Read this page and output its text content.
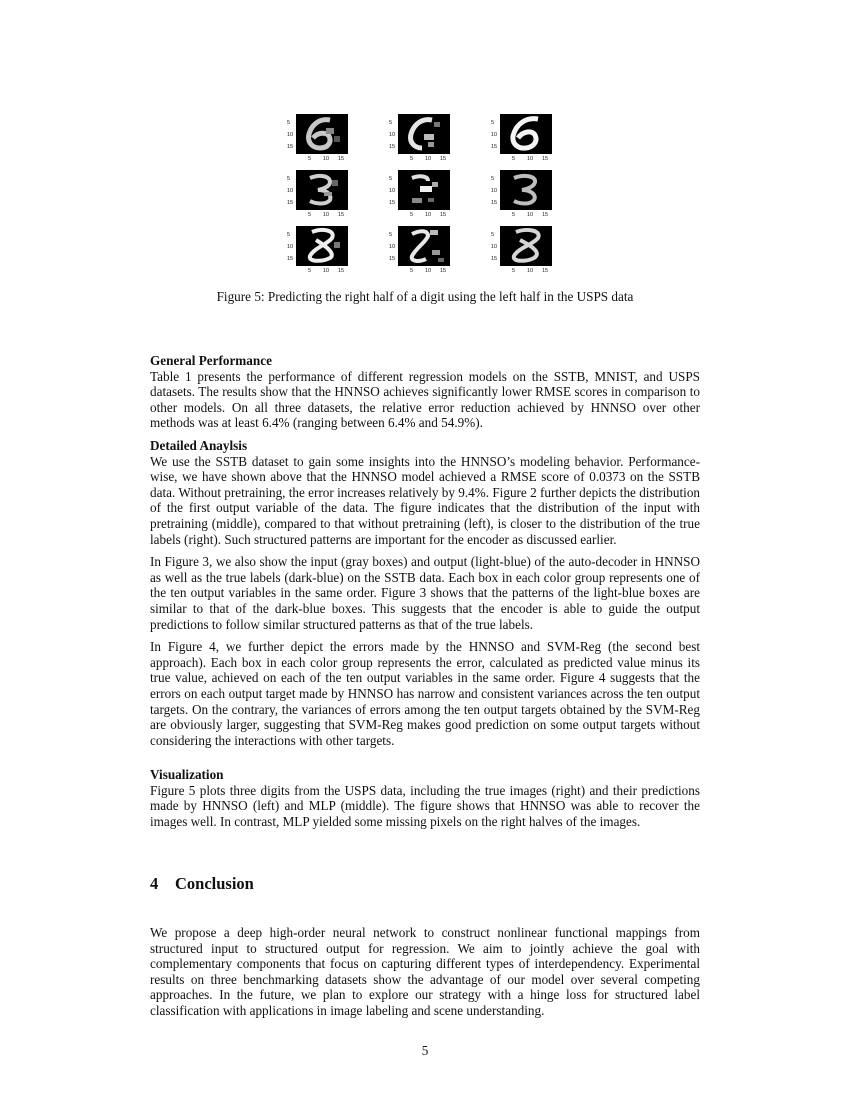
5
10
15
5 10 15
5
10
15
5 10 15
5
10
15
5 10 15
5
10
15
5 10 15
5
10
15
5 10 15
5
10
15
5 10 15
5
10
15
5 10 15
5
10
15
5 10 15
5
10
15
5 10 15
Figure 5: Predicting the right half of a digit using the left half in the USPS data
General Performance

Table 1 presents the performance of different regression models on the SSTB, MNIST, and USPS datasets. The results show that the HNNSO achieves significantly lower RMSE scores in comparison to other models. On all three datasets, the relative error reduction achieved by HNNSO over other methods was at least 6.4% (ranging between 6.4% and 54.9%).

Detailed Anaylsis

We use the SSTB dataset to gain some insights into the HNNSO’s modeling behavior. Performance-wise, we have shown above that the HNNSO model achieved a RMSE score of 0.0373 on the SSTB data. Without pretraining, the error increases relatively by 9.4%. Figure 2 further depicts the distribution of the first output variable of the data. The figure indicates that the distribution of the input with pretraining (middle), compared to that without pretraining (left), is closer to the distribution of the true labels (right). Such structured patterns are important for the encoder as discussed earlier.

In Figure 3, we also show the input (gray boxes) and output (light-blue) of the auto-decoder in HNNSO as well as the true labels (dark-blue) on the SSTB data. Each box in each color group represents one of the ten output variables in the same order. Figure 3 shows that the patterns of the light-blue boxes are similar to that of the dark-blue boxes. This suggests that the encoder is able to guide the output predictions to follow similar structured patterns as that of the true labels.

In Figure 4, we further depict the errors made by the HNNSO and SVM-Reg (the second best approach). Each box in each color group represents the error, calculated as predicted value minus its true value, achieved on each of the ten output variables in the same order. Figure 4 suggests that the errors on each output target made by HNNSO has narrow and consistent variances across the ten output targets. On the contrary, the variances of errors among the ten output targets obtained by the SVM-Reg are obviously larger, suggesting that SVM-Reg makes good prediction on some output targets without considering the interactions with other targets.

Visualization

Figure 5 plots three digits from the USPS data, including the true images (right) and their predictions made by HNNSO (left) and MLP (middle). The figure shows that HNNSO was able to recover the images well. In contrast, MLP yielded some missing pixels on the right halves of the images.

4 Conclusion

We propose a deep high-order neural network to construct nonlinear functional mappings from structured input to structured output for regression. We aim to jointly achieve the goal with complementary components that focus on capturing different types of interdependency. Experimental results on three benchmarking datasets show the advantage of our model over several competing approaches. In the future, we plan to explore our strategy with a hinge loss for structured label classification with applications in image labeling and scene understanding.

5
